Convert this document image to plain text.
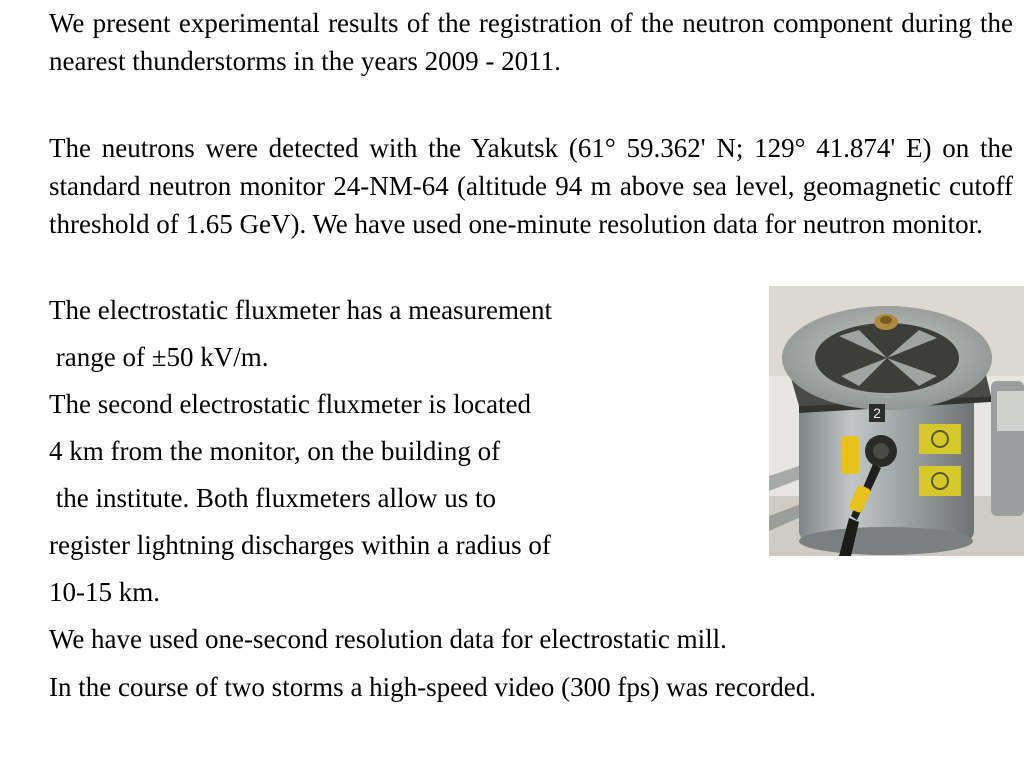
We present experimental results of the registration of the neutron component during the nearest thunderstorms in the years 2009 - 2011.

The neutrons were detected with the Yakutsk (61° 59.362' N; 129° 41.874' E) on the standard neutron monitor 24-NM-64 (altitude 94 m above sea level, geomagnetic cutoff threshold of 1.65 GeV). We have used one-minute resolution data for neutron monitor.

The electrostatic fluxmeter has a measurement

range of ±50 kV/m.

The second electrostatic fluxmeter is located

4 km from the monitor, on the building of

the institute. Both fluxmeters allow us to

register lightning discharges within a radius of

10-15 km.

We have used one-second resolution data for electrostatic mill.

In the course of two storms a high-speed video (300 fps) was recorded.

2
